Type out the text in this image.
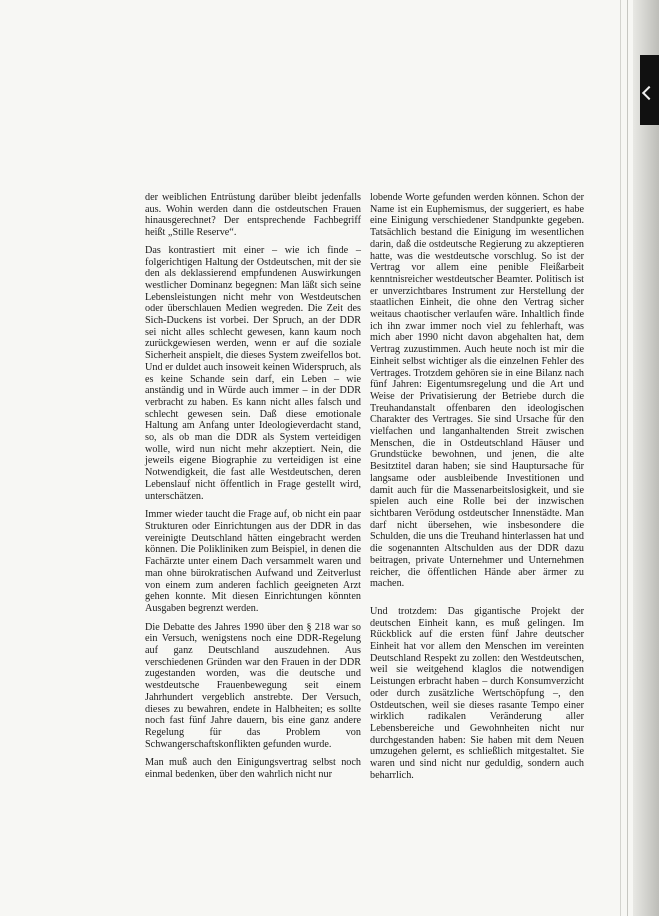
der weiblichen Entrüstung darüber bleibt jedenfalls aus. Wohin werden dann die ostdeutschen Frauen hinausgerechnet? Der entsprechende Fachbegriff heißt „Stille Reserve“.

Das kontrastiert mit einer – wie ich finde – folgerichtigen Haltung der Ostdeutschen, mit der sie den als deklassierend empfundenen Auswirkungen westlicher Dominanz begegnen: Man läßt sich seine Lebensleistungen nicht mehr von Westdeutschen oder überschlauen Medien wegreden. Die Zeit des Sich-Duckens ist vorbei. Der Spruch, an der DDR sei nicht alles schlecht gewesen, kann kaum noch zurückgewiesen werden, wenn er auf die soziale Sicherheit anspielt, die dieses System zweifellos bot. Und er duldet auch insoweit keinen Widerspruch, als es keine Schande sein darf, ein Leben – wie anständig und in Würde auch immer – in der DDR verbracht zu haben. Es kann nicht alles falsch und schlecht gewesen sein. Daß diese emotionale Haltung am Anfang unter Ideologieverdacht stand, so, als ob man die DDR als System verteidigen wolle, wird nun nicht mehr akzeptiert. Nein, die jeweils eigene Biographie zu verteidigen ist eine Notwendigkeit, die fast alle Westdeutschen, deren Lebenslauf nicht öffentlich in Frage gestellt wird, unterschätzen.

Immer wieder taucht die Frage auf, ob nicht ein paar Strukturen oder Einrichtungen aus der DDR in das vereinigte Deutschland hätten eingebracht werden können. Die Polikliniken zum Beispiel, in denen die Fachärzte unter einem Dach versammelt waren und man ohne bürokratischen Aufwand und Zeitverlust von einem zum anderen fachlich geeigneten Arzt gehen konnte. Mit diesen Einrichtungen könnten Ausgaben begrenzt werden.

Die Debatte des Jahres 1990 über den § 218 war so ein Versuch, wenigstens noch eine DDR-Regelung auf ganz Deutschland auszudehnen. Aus verschiedenen Gründen war den Frauen in der DDR zugestanden worden, was die deutsche und westdeutsche Frauenbewegung seit einem Jahrhundert vergeblich anstrebte. Der Versuch, dieses zu bewahren, endete in Halbheiten; es sollte noch fast fünf Jahre dauern, bis eine ganz andere Regelung für das Problem von Schwangerschaftskonflikten gefunden wurde.

Man muß auch den Einigungsvertrag selbst noch einmal bedenken, über den wahrlich nicht nur

lobende Worte gefunden werden können. Schon der Name ist ein Euphemismus, der suggeriert, es habe eine Einigung verschiedener Standpunkte gegeben. Tatsächlich bestand die Einigung im wesentlichen darin, daß die ostdeutsche Regierung zu akzeptieren hatte, was die westdeutsche vorschlug. So ist der Vertrag vor allem eine penible Fleißarbeit kenntnisreicher westdeutscher Beamter. Politisch ist er unverzichtbares Instrument zur Herstellung der staatlichen Einheit, die ohne den Vertrag sicher weitaus chaotischer verlaufen wäre. Inhaltlich finde ich ihn zwar immer noch viel zu fehlerhaft, was mich aber 1990 nicht davon abgehalten hat, dem Vertrag zuzustimmen. Auch heute noch ist mir die Einheit selbst wichtiger als die einzelnen Fehler des Vertrages. Trotzdem gehören sie in eine Bilanz nach fünf Jahren: Eigentumsregelung und die Art und Weise der Privatisierung der Betriebe durch die Treuhandanstalt offenbaren den ideologischen Charakter des Vertrages. Sie sind Ursache für den vielfachen und langanhaltenden Streit zwischen Menschen, die in Ostdeutschland Häuser und Grundstücke bewohnen, und jenen, die alte Besitztitel daran haben; sie sind Hauptursache für langsame oder ausbleibende Investitionen und damit auch für die Massenarbeitslosigkeit, und sie spielen auch eine Rolle bei der inzwischen sichtbaren Verödung ostdeutscher Innenstädte. Man darf nicht übersehen, wie insbesondere die Schulden, die uns die Treuhand hinterlassen hat und die sogenannten Altschulden aus der DDR dazu beitragen, private Unternehmer und Unternehmen reicher, die öffentlichen Hände aber ärmer zu machen.

Und trotzdem: Das gigantische Projekt der deutschen Einheit kann, es muß gelingen. Im Rückblick auf die ersten fünf Jahre deutscher Einheit hat vor allem den Menschen im vereinten Deutschland Respekt zu zollen: den Westdeutschen, weil sie weitgehend klaglos die notwendigen Leistungen erbracht haben – durch Konsumverzicht oder durch zusätzliche Wertschöpfung –, den Ostdeutschen, weil sie dieses rasante Tempo einer wirklich radikalen Veränderung aller Lebensbereiche und Gewohnheiten nicht nur durchgestanden haben: Sie haben mit dem Neuen umzugehen gelernt, es schließlich mitgestaltet. Sie waren und sind nicht nur geduldig, sondern auch beharrlich.
